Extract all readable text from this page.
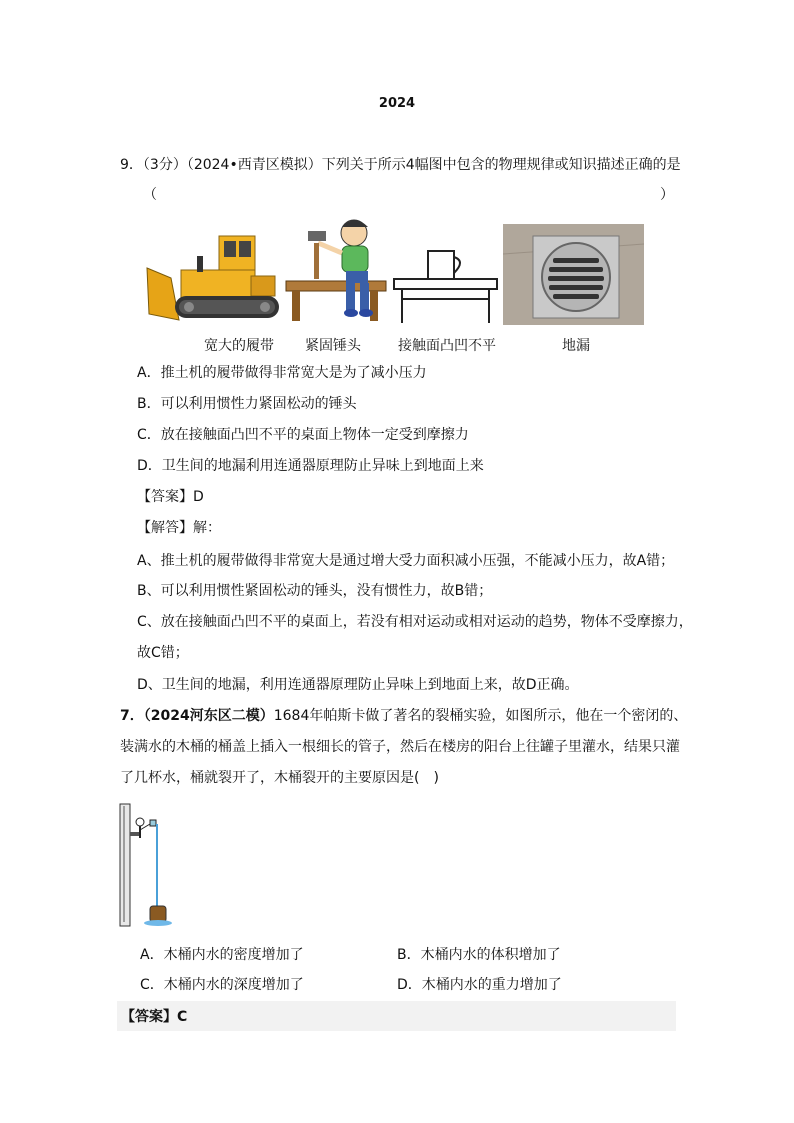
2024
9．（3分）（2024•西青区模拟）下列关于所示4幅图中包含的物理规律或知识描述正确的是
（	）
宽大的履带 紧固锤头	接触面凸凹不平	地漏
A．推土机的履带做得非常宽大是为了减小压力
B．可以利用惯性力紧固松动的锤头
C．放在接触面凸凹不平的桌面上物体一定受到摩擦力
D．卫生间的地漏利用连通器原理防止异味上到地面上来
【答案】D
【解答】解：
A、推土机的履带做得非常宽大是通过增大受力面积减小压强，不能减小压力，故A错；
B、可以利用惯性紧固松动的锤头，没有惯性力，故B错；
C、放在接触面凸凹不平的桌面上，若没有相对运动或相对运动的趋势，物体不受摩擦力，
故C错；
D、卫生间的地漏，利用连通器原理防止异味上到地面上来，故D正确。
7．（2024河东区二模）1684年帕斯卡做了著名的裂桶实验，如图所示，他在一个密闭的、
装满水的木桶的桶盖上插入一根细长的管子，然后在楼房的阳台上往罐子里灌水，结果只灌
了几杯水，桶就裂开了，木桶裂开的主要原因是(　)
A．木桶内水的密度增加了	B．木桶内水的体积增加了
C．木桶内水的深度增加了	D．木桶内水的重力增加了
【答案】C
